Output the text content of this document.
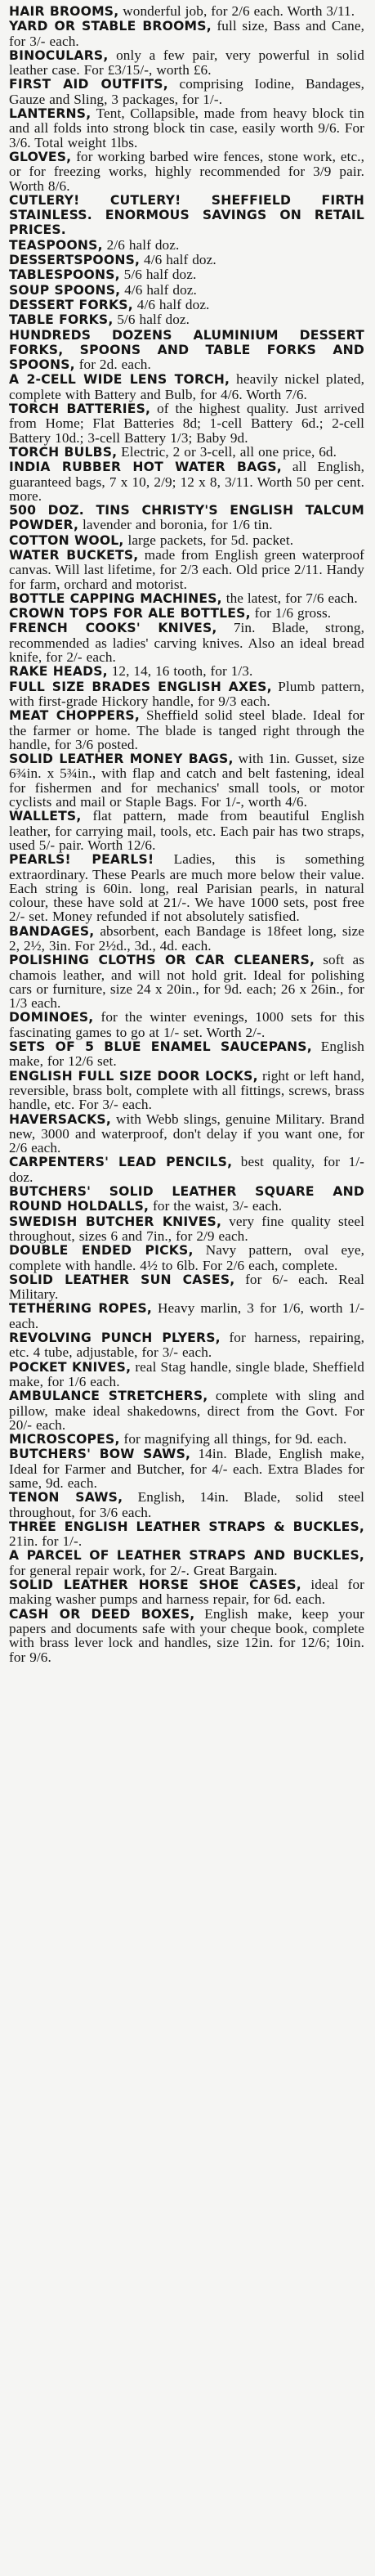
HAIR BROOMS, wonderful job, for 2/6 each. Worth 3/11.

YARD OR STABLE BROOMS, full size, Bass and Cane, for 3/- each.

BINOCULARS, only a few pair, very powerful in solid leather case. For £3/15/-, worth £6.

FIRST AID OUTFITS, comprising Iodine, Bandages, Gauze and Sling, 3 packages, for 1/-.

LANTERNS, Tent, Collapsible, made from heavy block tin and all folds into strong block tin case, easily worth 9/6. For 3/6. Total weight 1lbs.

GLOVES, for working barbed wire fences, stone work, etc., or for freezing works, highly recommended for 3/9 pair. Worth 8/6.

CUTLERY! CUTLERY! SHEFFIELD FIRTH STAINLESS. ENORMOUS SAVINGS ON RETAIL PRICES.

TEASPOONS, 2/6 half doz.

DESSERTSPOONS, 4/6 half doz.

TABLESPOONS, 5/6 half doz.

SOUP SPOONS, 4/6 half doz.

DESSERT FORKS, 4/6 half doz.

TABLE FORKS, 5/6 half doz.

HUNDREDS DOZENS ALUMINIUM DESSERT FORKS, SPOONS AND TABLE FORKS AND SPOONS, for 2d. each.

A 2-CELL WIDE LENS TORCH, heavily nickel plated, complete with Battery and Bulb, for 4/6. Worth 7/6.

TORCH BATTERIES, of the highest quality. Just arrived from Home; Flat Batteries 8d; 1-cell Battery 6d.; 2-cell Battery 10d.; 3-cell Battery 1/3; Baby 9d.

TORCH BULBS, Electric, 2 or 3-cell, all one price, 6d.

INDIA RUBBER HOT WATER BAGS, all English, guaranteed bags, 7 x 10, 2/9; 12 x 8, 3/11. Worth 50 per cent. more.

500 DOZ. TINS CHRISTY'S ENGLISH TALCUM POWDER, lavender and boronia, for 1/6 tin.

COTTON WOOL, large packets, for 5d. packet.

WATER BUCKETS, made from English green waterproof canvas. Will last lifetime, for 2/3 each. Old price 2/11. Handy for farm, orchard and motorist.

BOTTLE CAPPING MACHINES, the latest, for 7/6 each.

CROWN TOPS FOR ALE BOTTLES, for 1/6 gross.

FRENCH COOKS' KNIVES, 7in. Blade, strong, recommended as ladies' carving knives. Also an ideal bread knife, for 2/- each.

RAKE HEADS, 12, 14, 16 tooth, for 1/3.

FULL SIZE BRADES ENGLISH AXES, Plumb pattern, with first-grade Hickory handle, for 9/3 each.

MEAT CHOPPERS, Sheffield solid steel blade. Ideal for the farmer or home. The blade is tanged right through the handle, for 3/6 posted.

SOLID LEATHER MONEY BAGS, with 1in. Gusset, size 6¾in. x 5¾in., with flap and catch and belt fastening, ideal for fishermen and for mechanics' small tools, or motor cyclists and mail or Staple Bags. For 1/-, worth 4/6.

WALLETS, flat pattern, made from beautiful English leather, for carrying mail, tools, etc. Each pair has two straps, used 5/- pair. Worth 12/6.

PEARLS! PEARLS! Ladies, this is something extraordinary. These Pearls are much more below their value. Each string is 60in. long, real Parisian pearls, in natural colour, these have sold at 21/-. We have 1000 sets, post free 2/- set. Money refunded if not absolutely satisfied.

BANDAGES, absorbent, each Bandage is 18feet long, size 2, 2½, 3in. For 2½d., 3d., 4d. each.

POLISHING CLOTHS OR CAR CLEANERS, soft as chamois leather, and will not hold grit. Ideal for polishing cars or furniture, size 24 x 20in., for 9d. each; 26 x 26in., for 1/3 each.

DOMINOES, for the winter evenings, 1000 sets for this fascinating games to go at 1/- set. Worth 2/-.

SETS OF 5 BLUE ENAMEL SAUCEPANS, English make, for 12/6 set.

ENGLISH FULL SIZE DOOR LOCKS, right or left hand, reversible, brass bolt, complete with all fittings, screws, brass handle, etc. For 3/- each.

HAVERSACKS, with Webb slings, genuine Military. Brand new, 3000 and waterproof, don't delay if you want one, for 2/6 each.

CARPENTERS' LEAD PENCILS, best quality, for 1/- doz.

BUTCHERS' SOLID LEATHER SQUARE AND ROUND HOLDALLS, for the waist, 3/- each.

SWEDISH BUTCHER KNIVES, very fine quality steel throughout, sizes 6 and 7in., for 2/9 each.

DOUBLE ENDED PICKS, Navy pattern, oval eye, complete with handle. 4½ to 6lb. For 2/6 each, complete.

SOLID LEATHER SUN CASES, for 6/- each. Real Military.

TETHERING ROPES, Heavy marlin, 3 for 1/6, worth 1/- each.

REVOLVING PUNCH PLYERS, for harness, repairing, etc. 4 tube, adjustable, for 3/- each.

POCKET KNIVES, real Stag handle, single blade, Sheffield make, for 1/6 each.

AMBULANCE STRETCHERS, complete with sling and pillow, make ideal shakedowns, direct from the Govt. For 20/- each.

MICROSCOPES, for magnifying all things, for 9d. each.

BUTCHERS' BOW SAWS, 14in. Blade, English make, Ideal for Farmer and Butcher, for 4/- each. Extra Blades for same, 9d. each.

TENON SAWS, English, 14in. Blade, solid steel throughout, for 3/6 each.

THREE ENGLISH LEATHER STRAPS & BUCKLES, 21in. for 1/-.

A PARCEL OF LEATHER STRAPS AND BUCKLES, for general repair work, for 2/-. Great Bargain.

SOLID LEATHER HORSE SHOE CASES, ideal for making washer pumps and harness repair, for 6d. each.

CASH OR DEED BOXES, English make, keep your papers and documents safe with your cheque book, complete with brass lever lock and handles, size 12in. for 12/6; 10in. for 9/6.
